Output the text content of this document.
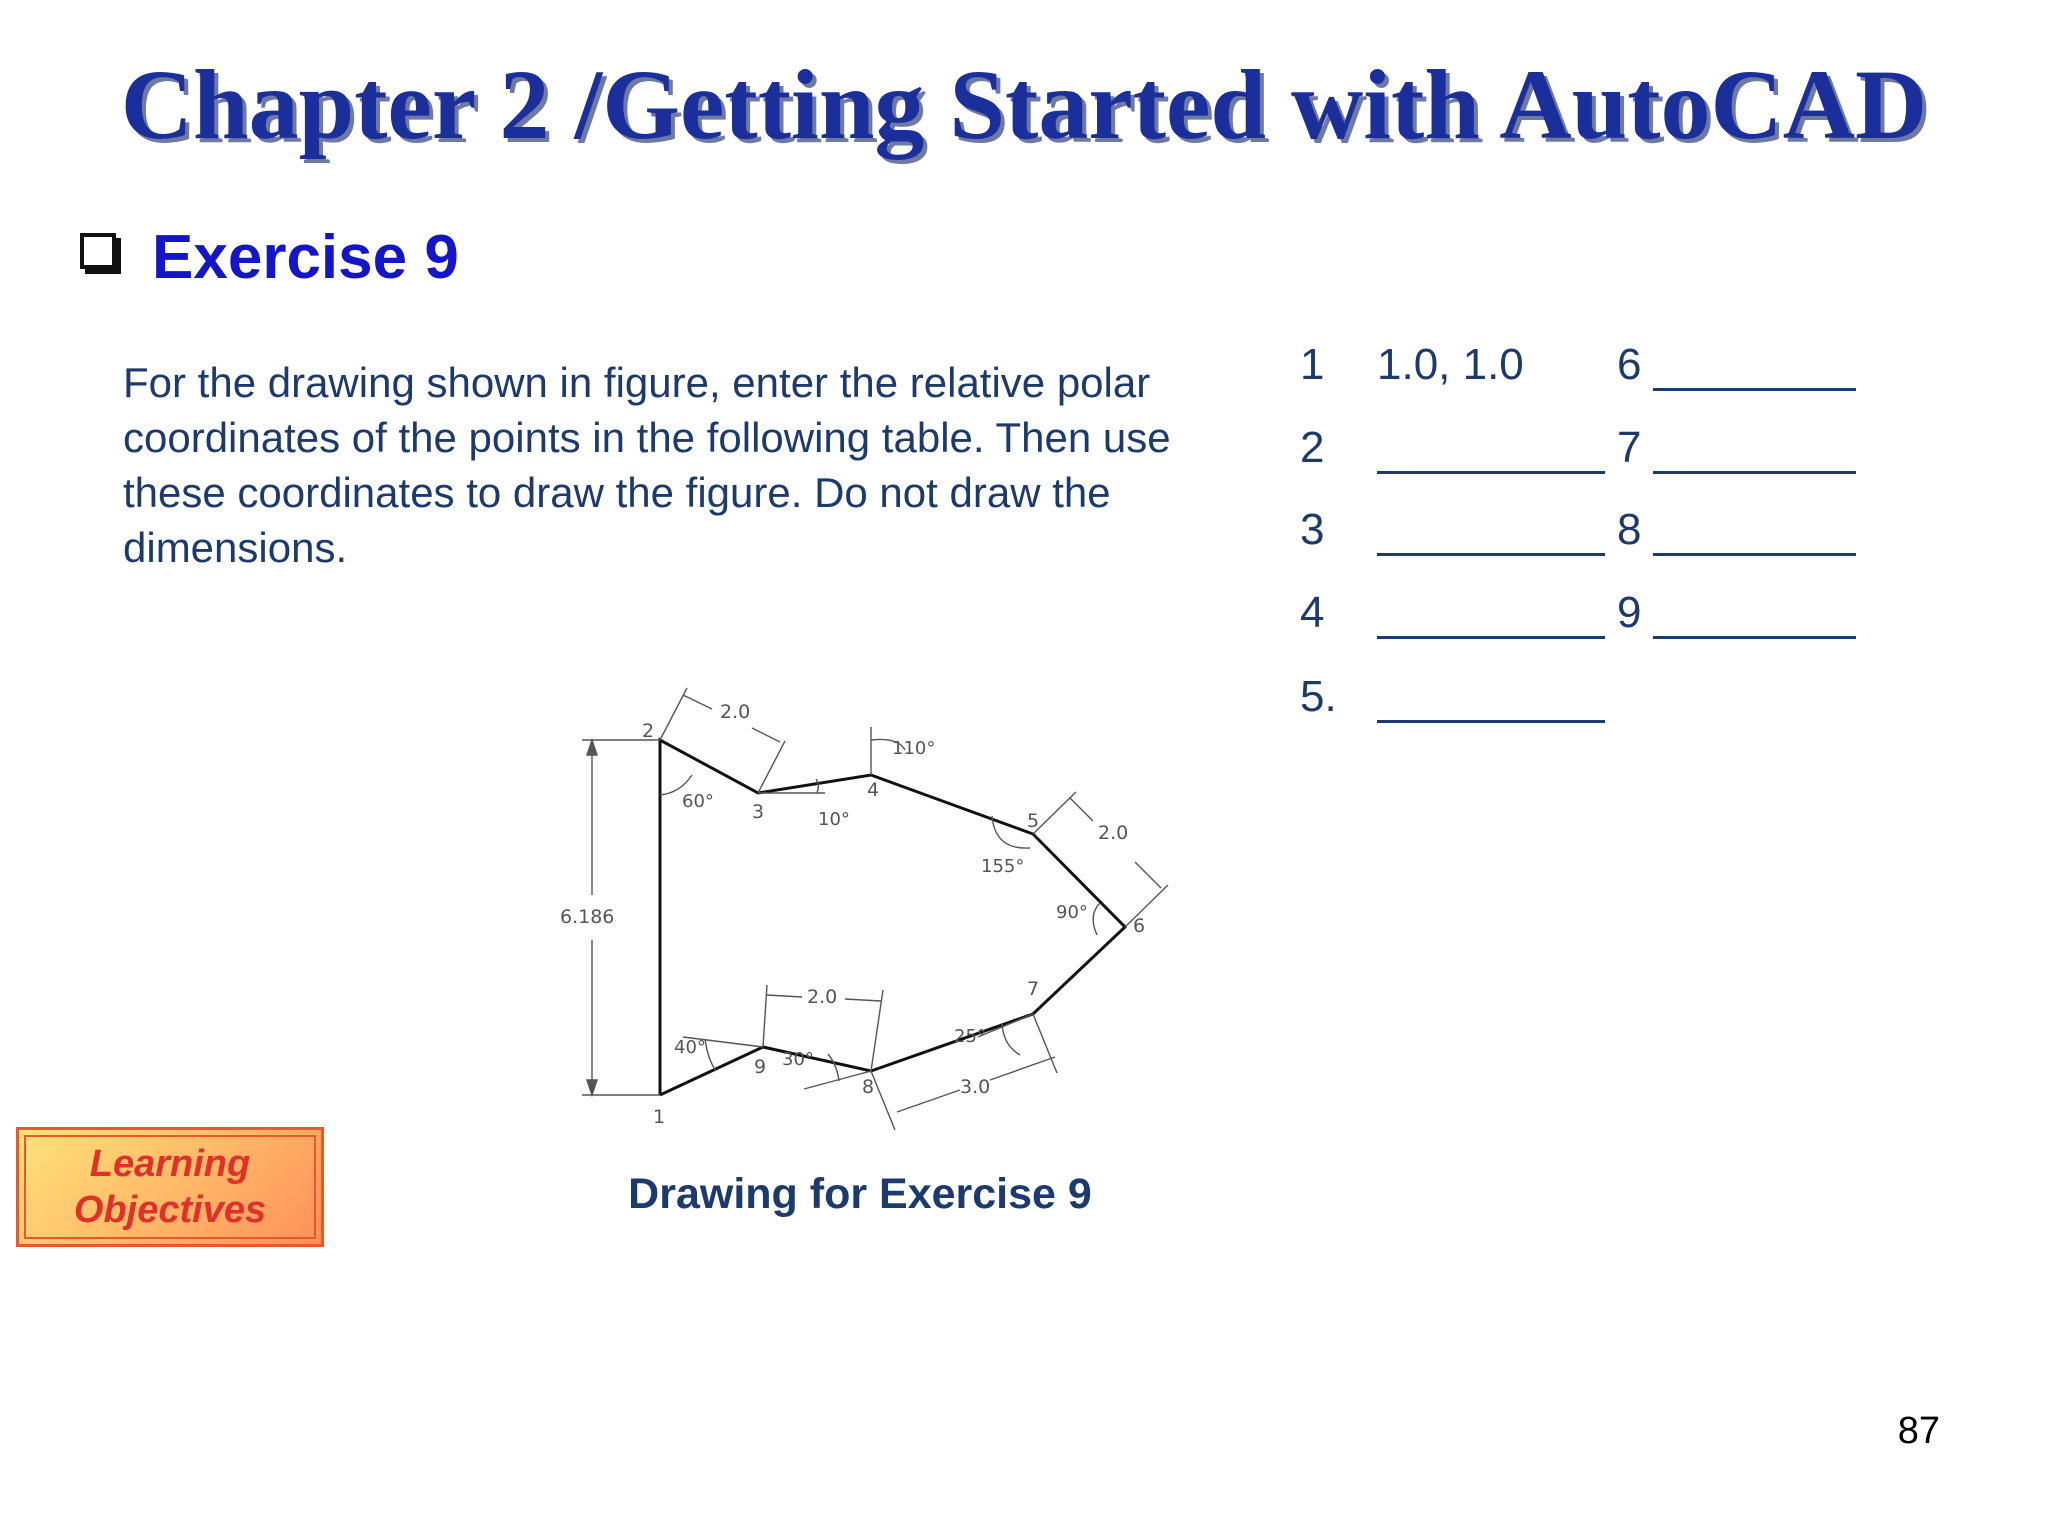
Chapter 2 /Getting Started with AutoCAD
Exercise 9

For the drawing shown in figure, enter the relative polar coordinates of the points in the following table. Then use these coordinates to draw the figure. Do not draw the dimensions.

1 1.0, 1.0 6
2	7
3	8
4	9
5.
1
2
3
4
5
6
7
8
9
6.186
2.0
2.0
2.0
3.0
60°
10°
110°
155°
90°
25°
30°
40°

Drawing for Exercise 9

Learning
Objectives

87
